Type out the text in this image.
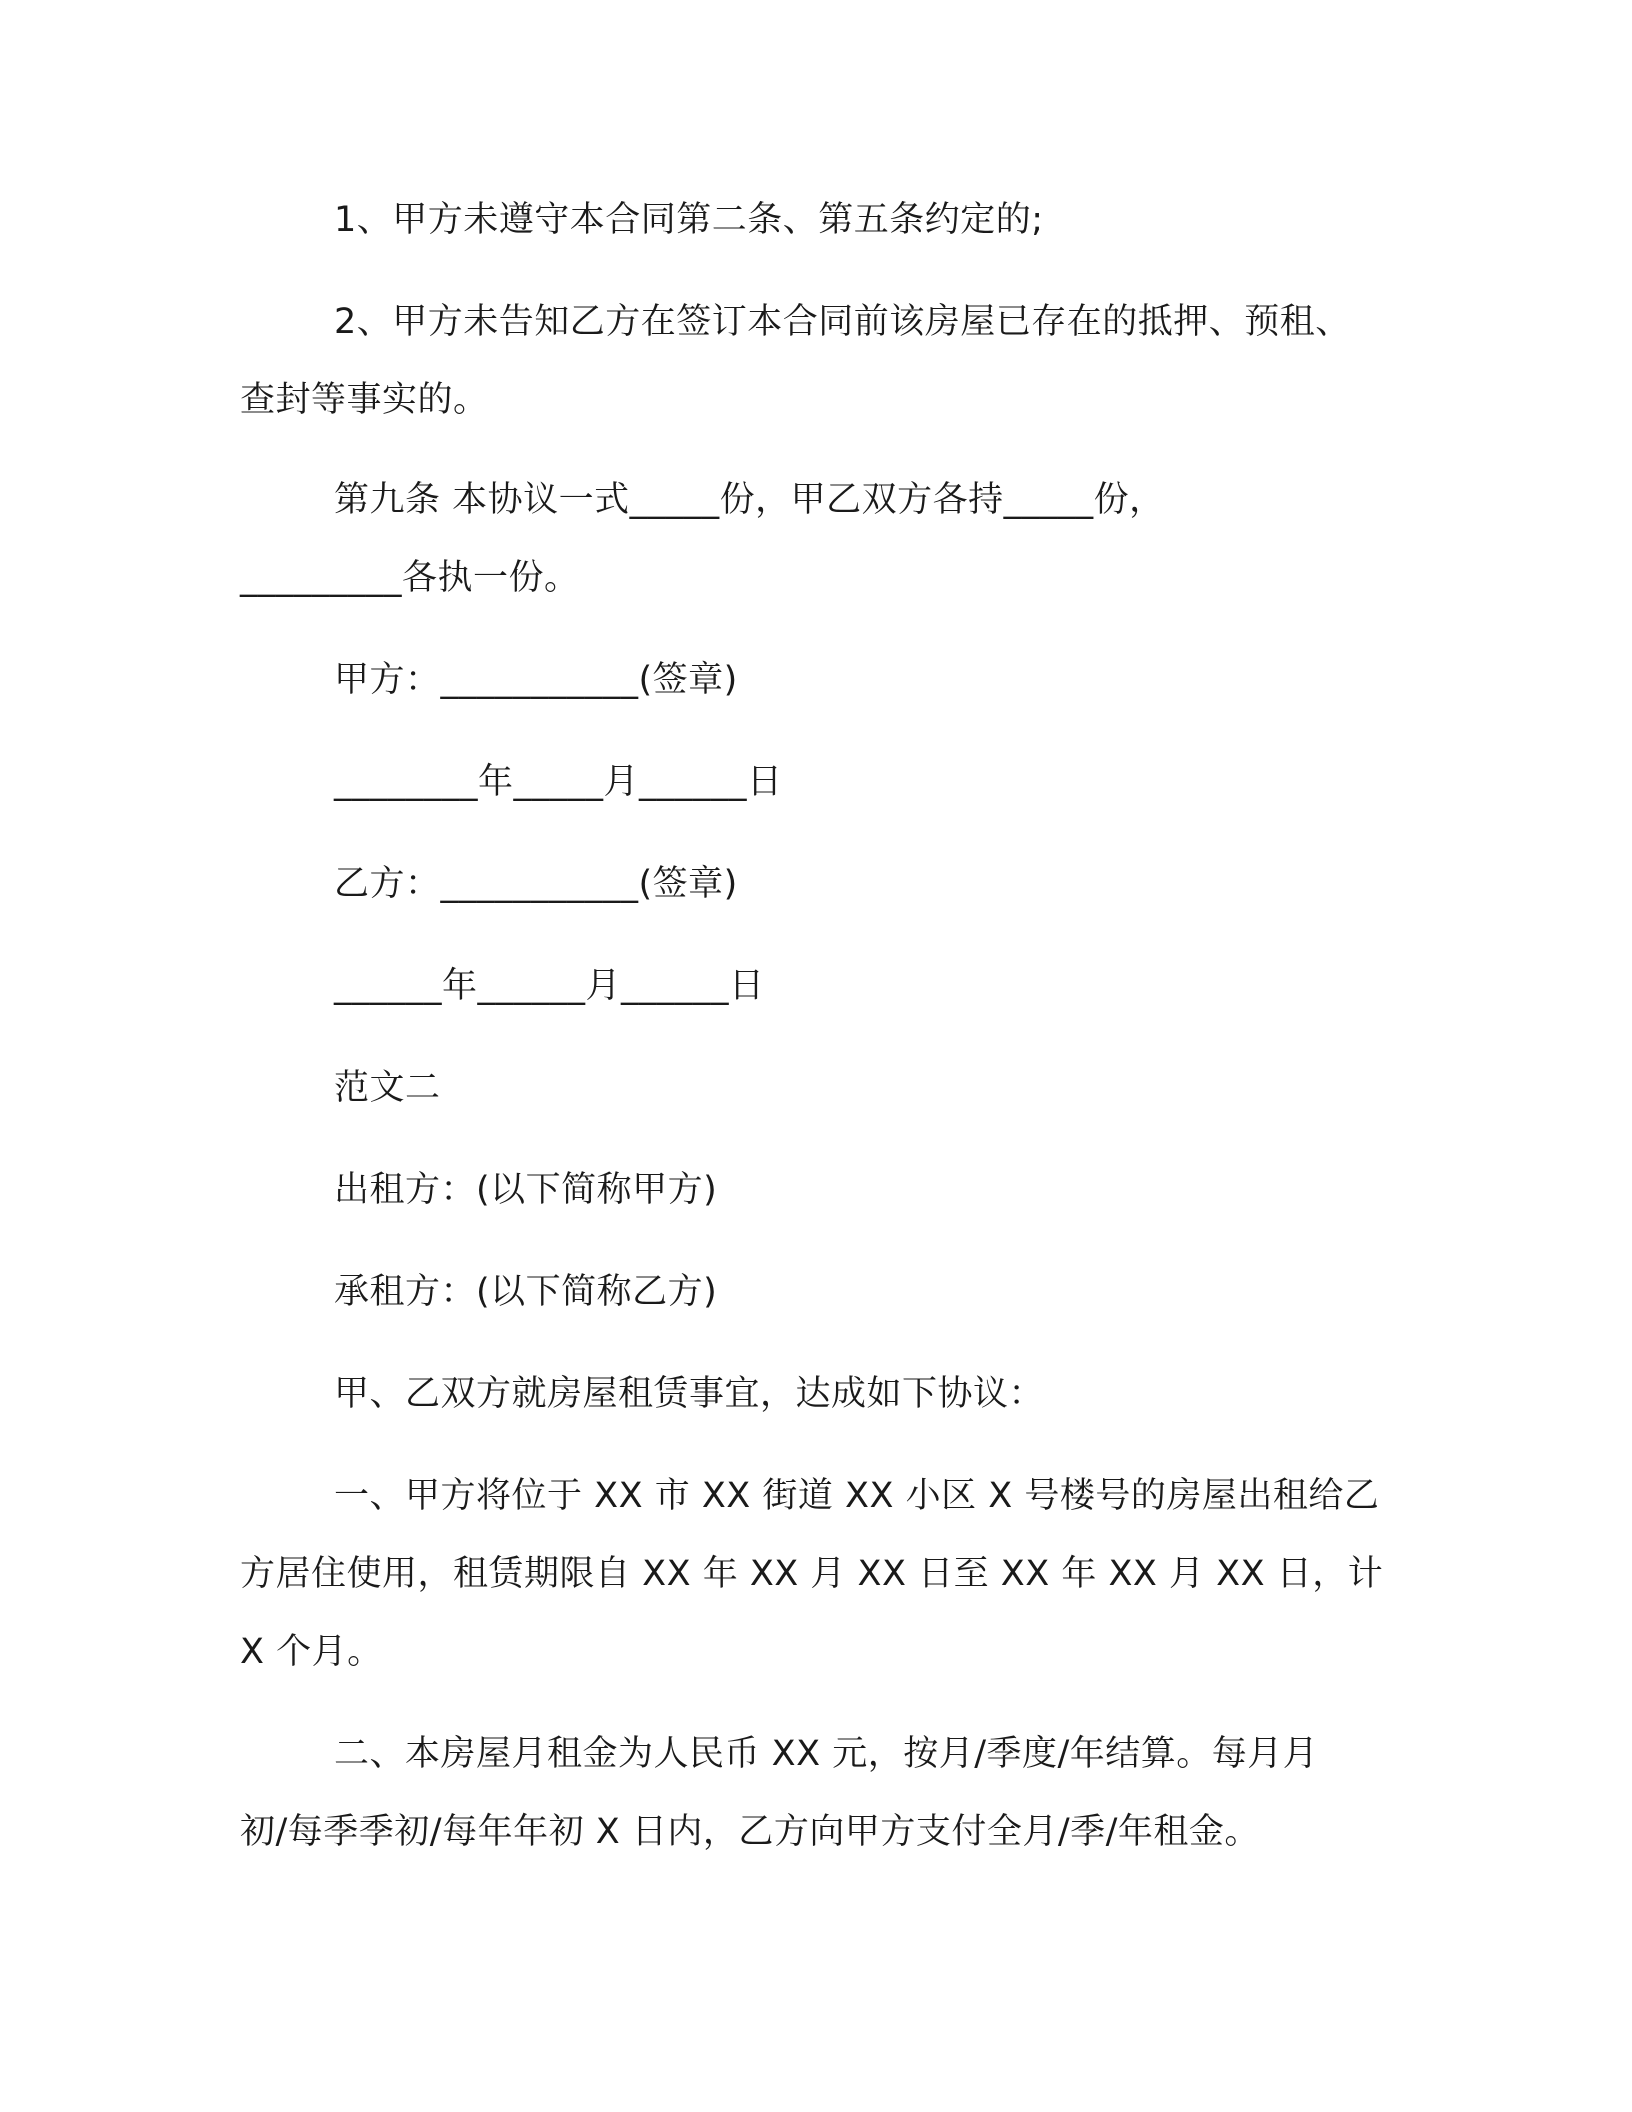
1、甲方未遵守本合同第二条、第五条约定的;
2、甲方未告知乙方在签订本合同前该房屋已存在的抵押、预租、
查封等事实的。
第九条 本协议一式_____份，甲乙双方各持_____份，
_________各执一份。
甲方：___________(签章)
________年_____月______日
乙方：___________(签章)
______年______月______日
范文二
出租方：(以下简称甲方)
承租方：(以下简称乙方)
甲、乙双方就房屋租赁事宜，达成如下协议：
一、甲方将位于 XX 市 XX 街道 XX 小区 X 号楼号的房屋出租给乙
方居住使用，租赁期限自 XX 年 XX 月 XX 日至 XX 年 XX 月 XX 日，计
X 个月。
二、本房屋月租金为人民币 XX 元，按月/季度/年结算。每月月
初/每季季初/每年年初 X 日内，乙方向甲方支付全月/季/年租金。
